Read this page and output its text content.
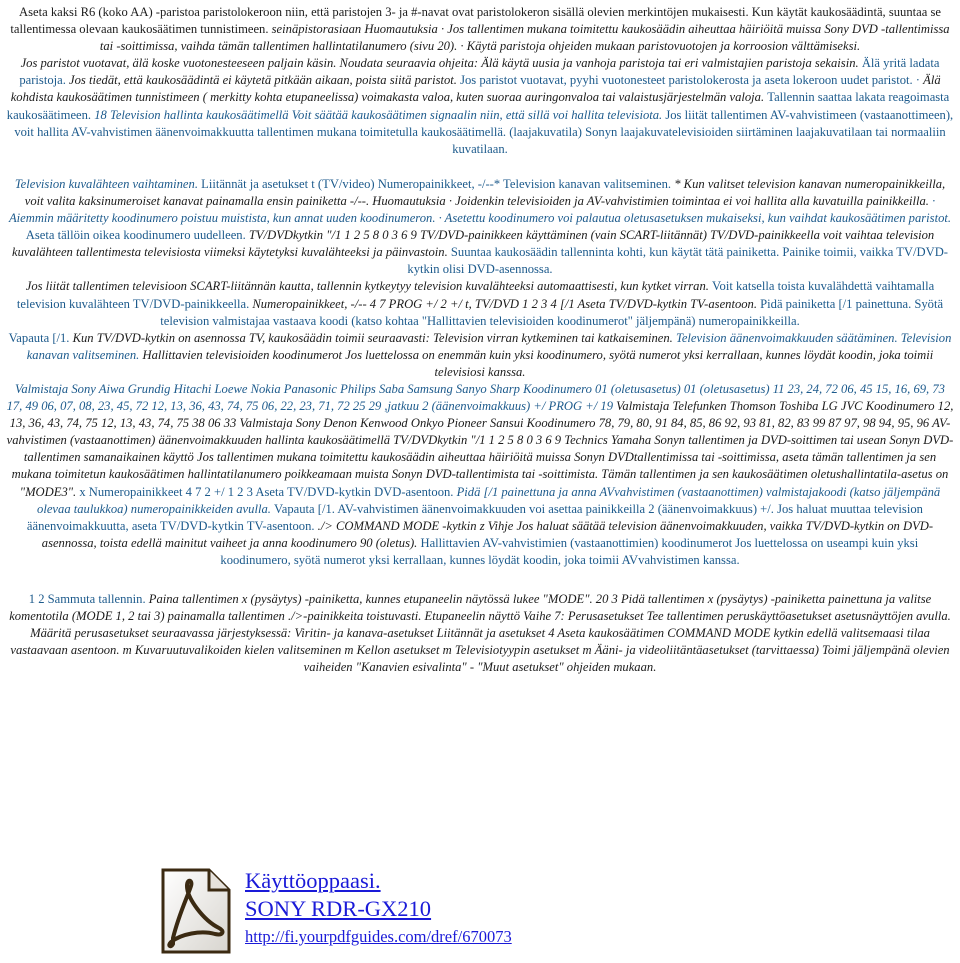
Aseta kaksi R6 (koko AA) -paristoa paristolokeroon niin, että paristojen 3- ja #-navat ovat paristolokeron sisällä olevien merkintöjen mukaisesti. Kun käytät kaukosäädintä, suuntaa se tallentimessa olevaan kaukosäätimen tunnistimeen. seinäpistorasiaan Huomautuksia · Jos tallentimen mukana toimitettu kaukosäädin aiheuttaa häiriöitä muissa Sony DVD -tallentimissa tai -soittimissa, vaihda tämän tallentimen hallintatilanumero (sivu 20). · Käytä paristoja ohjeiden mukaan paristovuotojen ja korroosion välttämiseksi.

Jos paristot vuotavat, älä koske vuotonesteeseen paljain käsin. Noudata seuraavia ohjeita: Älä käytä uusia ja vanhoja paristoja tai eri valmistajien paristoja sekaisin. Älä yritä ladata paristoja. Jos tiedät, että kaukosäädintä ei käytetä pitkään aikaan, poista siitä paristot. Jos paristot vuotavat, pyyhi vuotonesteet paristolokerosta ja aseta lokeroon uudet paristot. · Älä kohdista kaukosäätimen tunnistimeen ( merkitty kohta etupaneelissa) voimakasta valoa, kuten suoraa auringonvaloa tai valaistusjärjestelmän valoja. Tallennin saattaa lakata reagoimasta kaukosäätimeen. 18 Television hallinta kaukosäätimellä Voit säätää kaukosäätimen signaalin niin, että sillä voi hallita televisiota. Jos liität tallentimen AV-vahvistimeen (vastaanottimeen), voit hallita AV-vahvistimen äänenvoimakkuutta tallentimen mukana toimitetulla kaukosäätimellä. (laajakuvatila) Sonyn laajakuvatelevisioiden siirtäminen laajakuvatilaan tai normaaliin kuvatilaan.

Television kuvalähteen vaihtaminen. Liitännät ja asetukset t (TV/video) Numeropainikkeet, -/--* Television kanavan valitseminen. * Kun valitset television kanavan numeropainikkeilla, voit valita kaksinumeroiset kanavat painamalla ensin painiketta -/--. Huomautuksia · Joidenkin televisioiden ja AV-vahvistimien toimintaa ei voi hallita alla kuvatuilla painikkeilla. · Aiemmin määritetty koodinumero poistuu muistista, kun annat uuden koodinumeron. · Asetettu koodinumero voi palautua oletusasetuksen mukaiseksi, kun vaihdat kaukosäätimen paristot. Aseta tällöin oikea koodinumero uudelleen. TV/DVDkytkin "/1 1 2 5 8 0 3 6 9 TV/DVD-painikkeen käyttäminen (vain SCART-liitännät) TV/DVD-painikkeella voit vaihtaa television kuvalähteen tallentimesta televisiosta viimeksi käytetyksi kuvalähteeksi ja päinvastoin. Suuntaa kaukosäädin tallenninta kohti, kun käytät tätä painiketta. Painike toimii, vaikka TV/DVD-kytkin olisi DVD-asennossa.

Jos liität tallentimen televisioon SCART-liitännän kautta, tallennin kytkeytyy television kuvalähteeksi automaattisesti, kun kytket virran. Voit katsella toista kuvalähdettä vaihtamalla television kuvalähteen TV/DVD-painikkeella. Numeropainikkeet, -/-- 4 7 PROG +/ 2 +/ t, TV/DVD 1 2 3 4 [/1 Aseta TV/DVD-kytkin TV-asentoon. Pidä painiketta [/1 painettuna. Syötä television valmistajaa vastaava koodi (katso kohtaa "Hallittavien televisioiden koodinumerot" jäljempänä) numeropainikkeilla.

Vapauta [/1. Kun TV/DVD-kytkin on asennossa TV, kaukosäädin toimii seuraavasti: Television virran kytkeminen tai katkaiseminen. Television äänenvoimakkuuden säätäminen. Television kanavan valitseminen. Hallittavien televisioiden koodinumerot Jos luettelossa on enemmän kuin yksi koodinumero, syötä numerot yksi kerrallaan, kunnes löydät koodin, joka toimii televisiosi kanssa.

Valmistaja Sony Aiwa Grundig Hitachi Loewe Nokia Panasonic Philips Saba Samsung Sanyo Sharp Koodinumero 01 (oletusasetus) 01 (oletusasetus) 11 23, 24, 72 06, 45 15, 16, 69, 73 17, 49 06, 07, 08, 23, 45, 72 12, 13, 36, 43, 74, 75 06, 22, 23, 71, 72 25 29 ,jatkuu 2 (äänenvoimakkuus) +/ PROG +/ 19 Valmistaja Telefunken Thomson Toshiba LG JVC Koodinumero 12, 13, 36, 43, 74, 75 12, 13, 43, 74, 75 38 06 33 Valmistaja Sony Denon Kenwood Onkyo Pioneer Sansui Koodinumero 78, 79, 80, 91 84, 85, 86 92, 93 81, 82, 83 99 87 97, 98 94, 95, 96 AV-vahvistimen (vastaanottimen) äänenvoimakkuuden hallinta kaukosäätimellä TV/DVDkytkin "/1 1 2 5 8 0 3 6 9 Technics Yamaha Sonyn tallentimen ja DVD-soittimen tai usean Sonyn DVD-tallentimen samanaikainen käyttö Jos tallentimen mukana toimitettu kaukosäädin aiheuttaa häiriöitä muissa Sonyn DVDtallentimissa tai -soittimissa, aseta tämän tallentimen ja sen mukana toimitetun kaukosäätimen hallintatilanumero poikkeamaan muista Sonyn DVD-tallentimista tai -soittimista. Tämän tallentimen ja sen kaukosäätimen oletushallintatila-asetus on "MODE3". x Numeropainikkeet 4 7 2 +/ 1 2 3 Aseta TV/DVD-kytkin DVD-asentoon. Pidä [/1 painettuna ja anna AVvahvistimen (vastaanottimen) valmistajakoodi (katso jäljempänä olevaa taulukkoa) numeropainikkeiden avulla. Vapauta [/1. AV-vahvistimen äänenvoimakkuuden voi asettaa painikkeilla 2 (äänenvoimakkuus) +/. Jos haluat muuttaa television äänenvoimakkuutta, aseta TV/DVD-kytkin TV-asentoon. ./> COMMAND MODE -kytkin z Vihje Jos haluat säätää television äänenvoimakkuuden, vaikka TV/DVD-kytkin on DVD-asennossa, toista edellä mainitut vaiheet ja anna koodinumero 90 (oletus). Hallittavien AV-vahvistimien (vastaanottimien) koodinumerot Jos luettelossa on useampi kuin yksi koodinumero, syötä numerot yksi kerrallaan, kunnes löydät koodin, joka toimii AVvahvistimen kanssa.

1 2 Sammuta tallennin. Paina tallentimen x (pysäytys) -painiketta, kunnes etupaneelin näytössä lukee "MODE". 20 3 Pidä tallentimen x (pysäytys) -painiketta painettuna ja valitse komentotila (MODE 1, 2 tai 3) painamalla tallentimen ./>-painikkeita toistuvasti. Etupaneelin näyttö Vaihe 7: Perusasetukset Tee tallentimen peruskäyttöasetukset asetusnäyttöjen avulla. Määritä perusasetukset seuraavassa järjestyksessä: Viritin- ja kanava-asetukset Liitännät ja asetukset 4 Aseta kaukosäätimen COMMAND MODE kytkin edellä valitsemaasi tilaa vastaavaan asentoon. m Kuvaruutuvalikoiden kielen valitseminen m Kellon asetukset m Televisiotyypin asetukset m Ääni- ja videoliitäntäasetukset (tarvittaessa) Toimi jäljempänä olevien vaiheiden "Kanavien esivalinta" - "Muut asetukset" ohjeiden mukaan.

Käyttöoppaasi.
SONY RDR-GX210
http://fi.yourpdfguides.com/dref/670073
